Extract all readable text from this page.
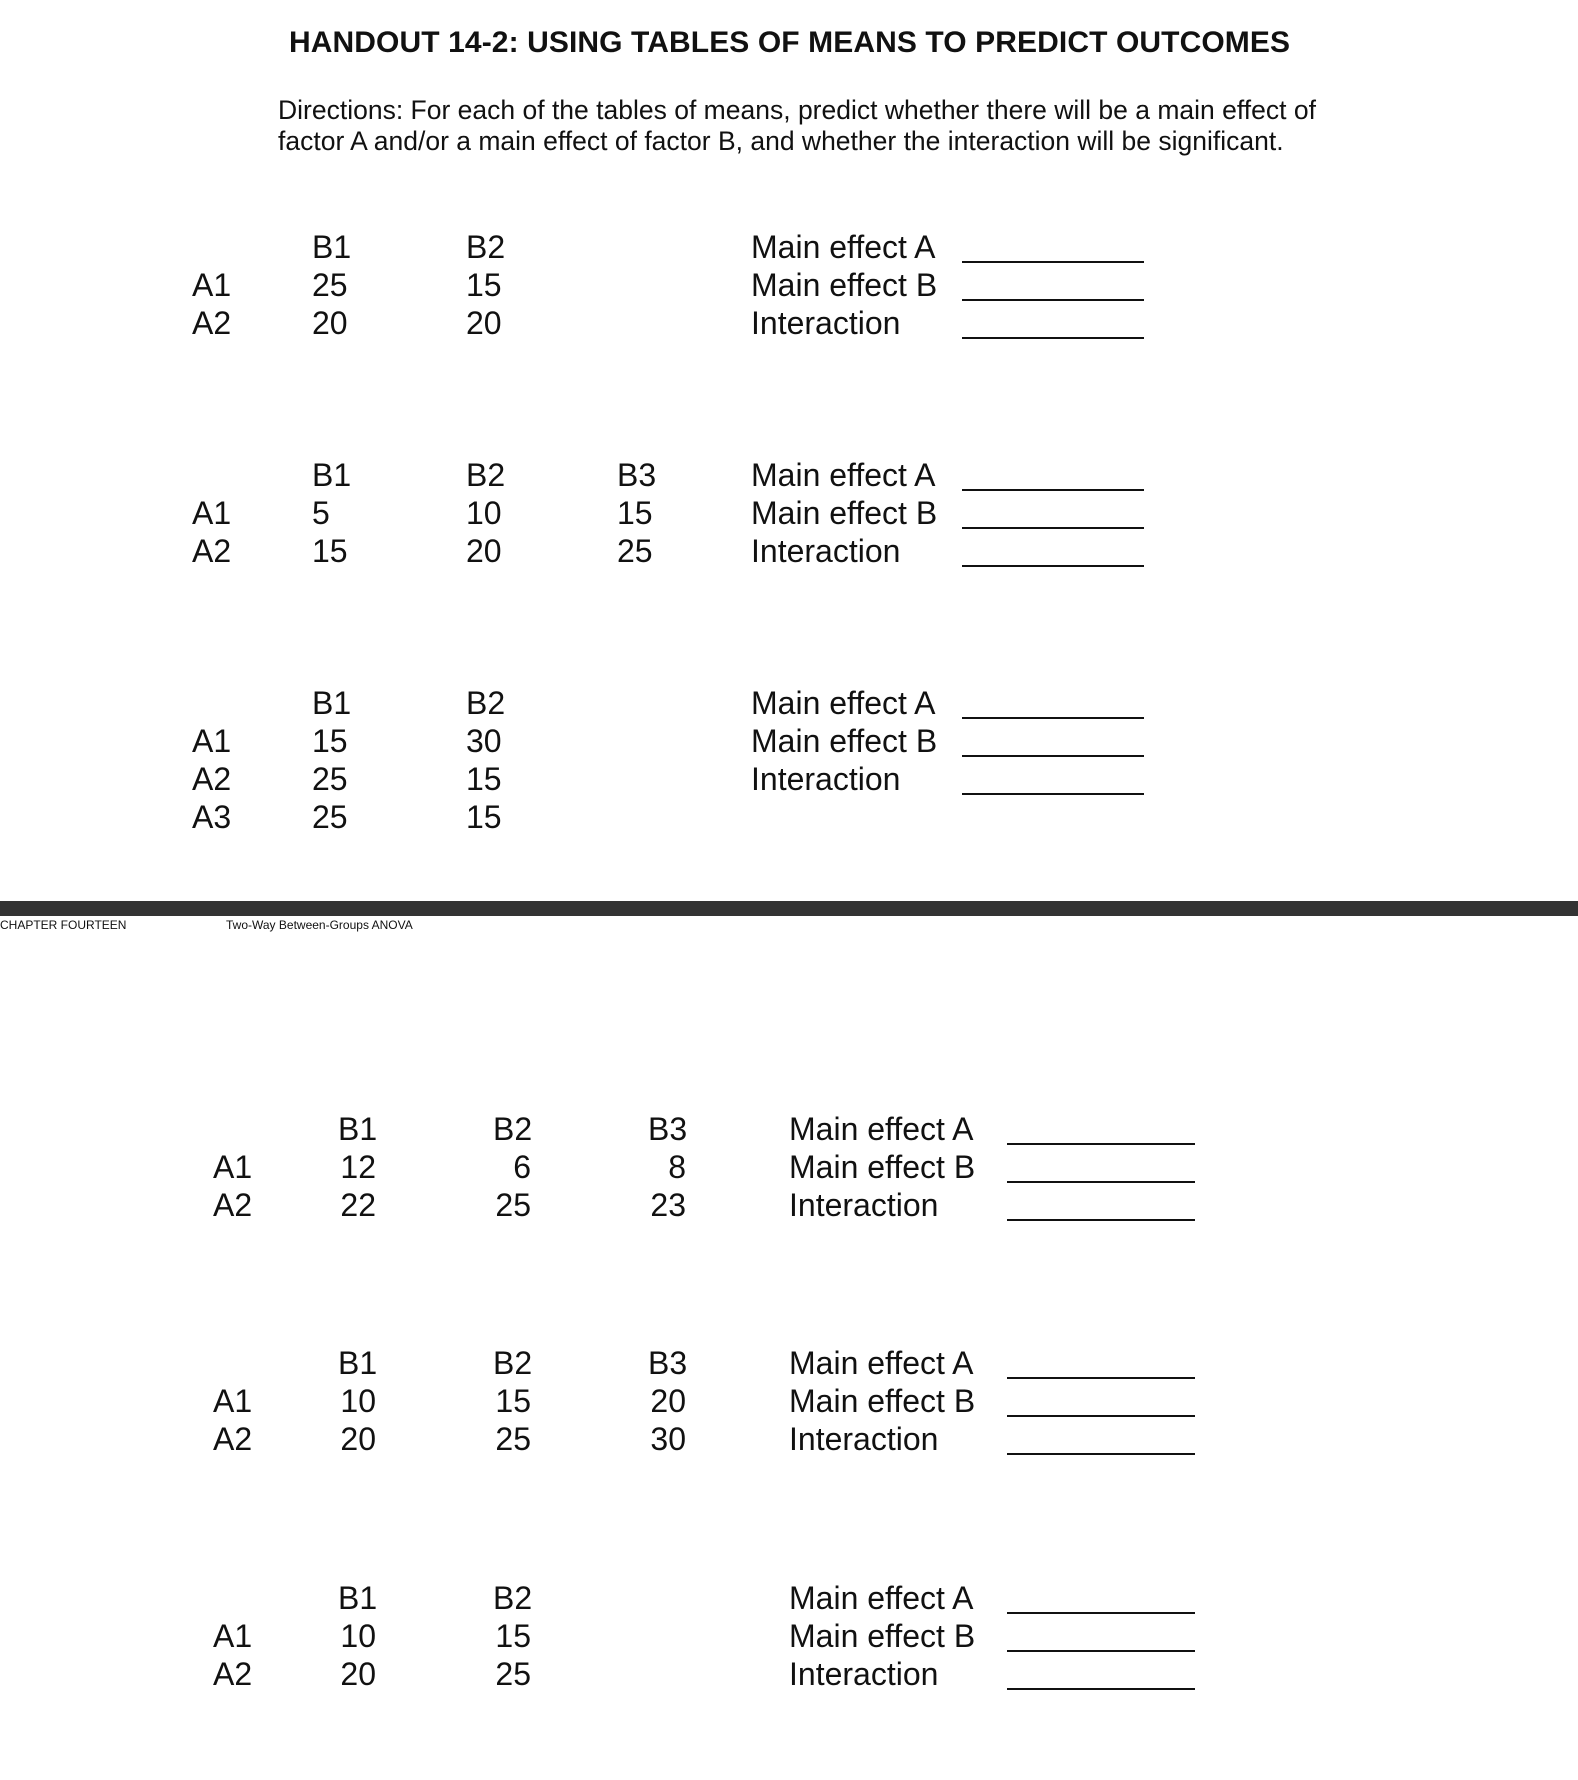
HANDOUT 14-2: USING TABLES OF MEANS TO PREDICT OUTCOMES
Directions: For each of the tables of means, predict whether there will be a main effect of factor A and/or a main effect of factor B, and whether the interaction will be significant.
B1	B2
A1	25	15
A2	20	20
Main effect A
Main effect B
Interaction
B1	B2	B3
A1	5	10	15
A2	15	20	25
Main effect A
Main effect B
Interaction
B1	B2
A1	15	30
A2	25	15
A3	25	15
Main effect A
Main effect B
Interaction
B1	B2	B3
A1	12	6	8
A2	22	25	23
Main effect A
Main effect B
Interaction
B1	B2	B3
A1	10	15	20
A2	20	25	30
Main effect A
Main effect B
Interaction
B1	B2
A1	10	15
A2	20	25
Main effect A
Main effect B
Interaction
CHAPTER FOURTEEN	Two-Way Between-Groups ANOVA
